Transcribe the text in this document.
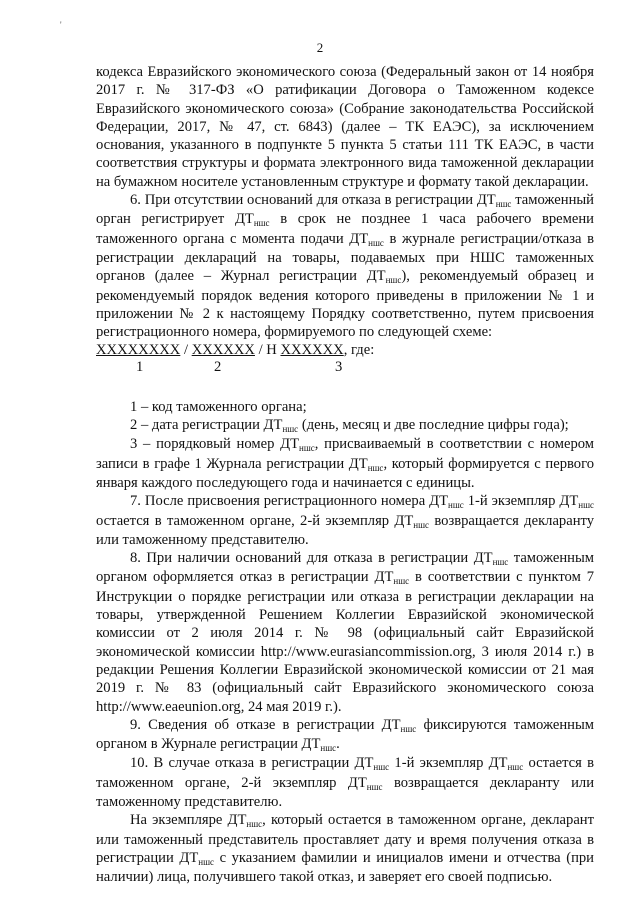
'
2

кодекса Евразийского экономического союза (Федеральный закон от 14 ноября 2017 г. № 317-ФЗ «О ратификации Договора о Таможенном кодексе Евразийского экономического союза» (Собрание законодательства Российской Федерации, 2017, № 47, ст. 6843) (далее – ТК ЕАЭС), за исключением основания, указанного в подпункте 5 пункта 5 статьи 111 ТК ЕАЭС, в части соответствия структуры и формата электронного вида таможенной декларации на бумажном носителе установленным структуре и формату такой декларации.

6. При отсутствии оснований для отказа в регистрации $ДТ_{ншс}$ таможенный орган регистрирует $ДТ_{ншс}$ в срок не позднее 1 часа рабочего времени таможенного органа с момента подачи $ДТ_{ншс}$ в журнале регистрации/отказа в регистрации деклараций на товары, подаваемых при НШС таможенных органов (далее – Журнал регистрации $ДТ_{ншс}$), рекомендуемый образец и рекомендуемый порядок ведения которого приведены в приложении № 1 и приложении № 2 к настоящему Порядку соответственно, путем присвоения регистрационного номера, формируемого по следующей схеме:

XXXXXXXX / XXXXXX / Н XXXXXX, где:

1	2	3

1 – код таможенного органа;

2 – дата регистрации $ДТ_{ншс}$ (день, месяц и две последние цифры года);

3 – порядковый номер $ДТ_{ншс}$, присваиваемый в соответствии с номером записи в графе 1 Журнала регистрации $ДТ_{ншс}$, который формируется с первого января каждого последующего года и начинается с единицы.

7. После присвоения регистрационного номера $ДТ_{ншс}$ 1-й экземпляр $ДТ_{ншс}$ остается в таможенном органе, 2-й экземпляр $ДТ_{ншс}$ возвращается декларанту или таможенному представителю.

8. При наличии оснований для отказа в регистрации $ДТ_{ншс}$ таможенным органом оформляется отказ в регистрации $ДТ_{ншс}$ в соответствии с пунктом 7 Инструкции о порядке регистрации или отказа в регистрации декларации на товары, утвержденной Решением Коллегии Евразийской экономической комиссии от 2 июля 2014 г. № 98 (официальный сайт Евразийской экономической комиссии http://www.eurasiancommission.org, 3 июля 2014 г.) в редакции Решения Коллегии Евразийской экономической комиссии от 21 мая 2019 г. № 83 (официальный сайт Евразийского экономического союза http://www.eaeunion.org, 24 мая 2019 г.).

9. Сведения об отказе в регистрации $ДТ_{ншс}$ фиксируются таможенным органом в Журнале регистрации $ДТ_{ншс}$.

10. В случае отказа в регистрации $ДТ_{ншс}$ 1-й экземпляр $ДТ_{ншс}$ остается в таможенном органе, 2-й экземпляр $ДТ_{ншс}$ возвращается декларанту или таможенному представителю.

На экземпляре $ДТ_{ншс}$, который остается в таможенном органе, декларант или таможенный представитель проставляет дату и время получения отказа в регистрации $ДТ_{ншс}$ с указанием фамилии и инициалов имени и отчества (при наличии) лица, получившего такой отказ, и заверяет его своей подписью.
